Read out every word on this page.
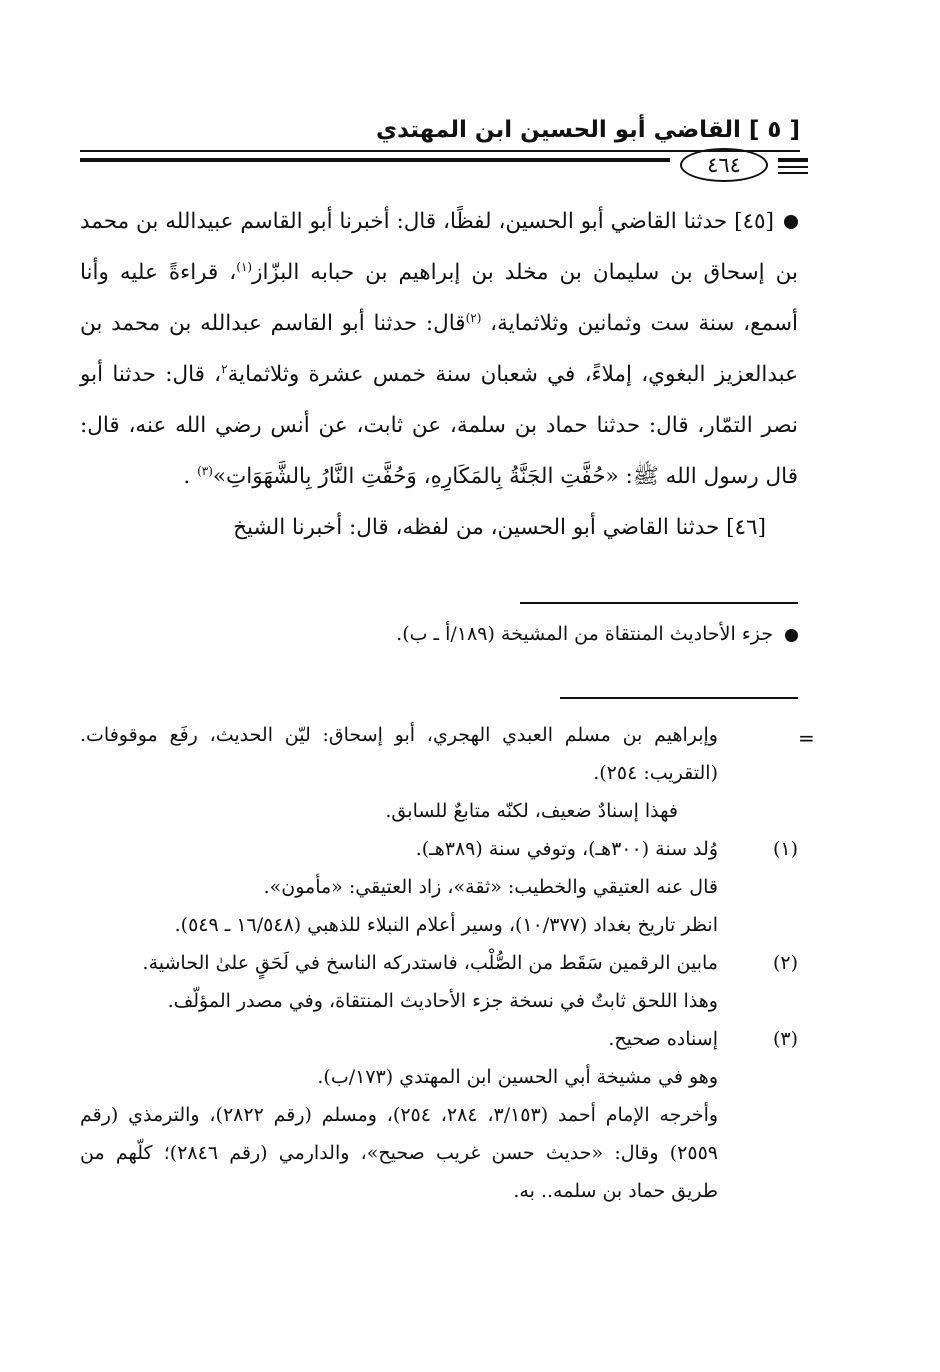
[ ٥ ] القاضي أبو الحسين ابن المهتدي
٤٦٤

[٤٥] حدثنا القاضي أبو الحسين، لفظًا، قال: أخبرنا أبو القاسم عبيدالله بن محمد بن إسحاق بن سليمان بن مخلد بن إبراهيم بن حبابه البزّاز$^{(١)}$، قراءةً عليه وأنا أسمع، سنة ست وثمانين وثلاثماية، $^{(٢)}$قال: حدثنا أبو القاسم عبدالله بن محمد بن عبدالعزيز البغوي، إملاءً، في شعبان سنة خمس عشرة وثلاثماية$^٢$، قال: حدثنا أبو نصر التمّار، قال: حدثنا حماد بن سلمة، عن ثابت، عن أنس رضي الله عنه، قال: قال رسول الله ﷺ: «حُفَّتِ الجَنَّةُ بِالمَكَارِهِ، وَحُفَّتِ النَّارُ بِالشَّهَوَاتِ»$^{(٣)}$ .

[٤٦] حدثنا القاضي أبو الحسين، من لفظه، قال: أخبرنا الشيخ

جزء الأحاديث المنتقاة من المشيخة (١٨٩/أ ـ ب).
=

وإبراهيم بن مسلم العبدي الهجري، أبو إسحاق: ليّن الحديث، رفَع موقوفات. (التقريب: ٢٥٤).

فهذا إسنادٌ ضعيف، لكنّه متابعٌ للسابق.

(١)وُلد سنة (٣٠٠هـ)، وتوفي سنة (٣٨٩هـ).

قال عنه العتيقي والخطيب: «ثقة»، زاد العتيقي: «مأمون».

انظر تاريخ بغداد (١٠/٣٧٧)، وسير أعلام النبلاء للذهبي (١٦/٥٤٨ ـ ٥٤٩).

(٢)مابين الرقمين سَقَط من الصُّلْب، فاستدركه الناسخ في لَحَقٍ علىٰ الحاشية.

وهذا اللحق ثابتٌ في نسخة جزء الأحاديث المنتقاة، وفي مصدر المؤلّف.

(٣)إسناده صحيح.

وهو في مشيخة أبي الحسين ابن المهتدي (١٧٣/ب).

وأخرجه الإمام أحمد (٣/١٥٣، ٢٨٤، ٢٥٤)، ومسلم (رقم ٢٨٢٢)، والترمذي (رقم ٢٥٥٩) وقال: «حديث حسن غريب صحيح»، والدارمي (رقم ٢٨٤٦)؛ كلّهم من طريق حماد بن سلمه.. به.
